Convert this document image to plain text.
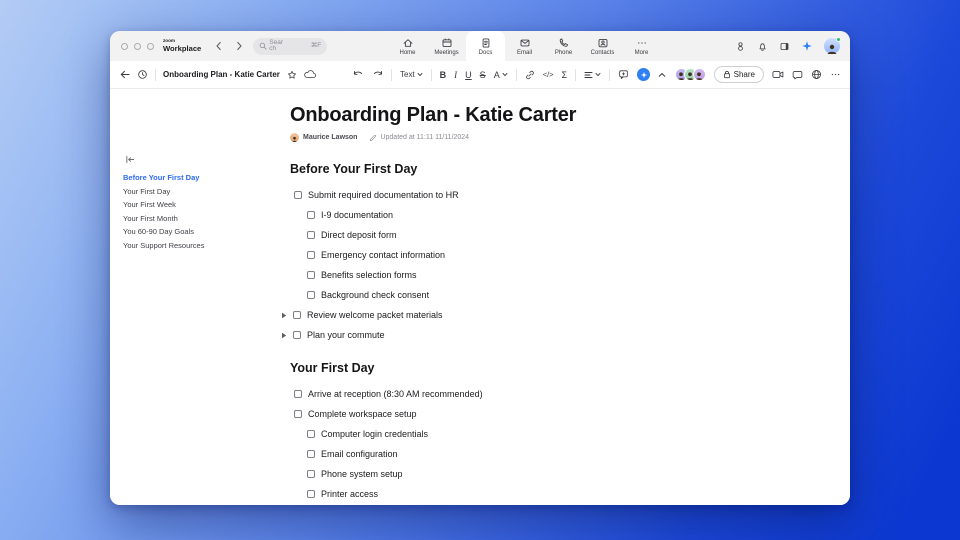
zoom
Workplace
Search
⌘F
Home	Meetings	Docs	Email	Phone	Contacts	More
Onboarding Plan - Katie Carter	Text	B I U S A	</> Σ	Share
Before Your First Day
Your First Day
Your First Week
Your First Month
You 60-90 Day Goals
Your Support Resources
Onboarding Plan - Katie Carter
Maurice Lawson	Updated at 11:11 11/11/2024
Before Your First Day
Submit required documentation to HR
I-9 documentation
Direct deposit form
Emergency contact information
Benefits selection forms
Background check consent
Review welcome packet materials
Plan your commute
Your First Day
Arrive at reception (8:30 AM recommended)
Complete workspace setup
Computer login credentials
Email configuration
Phone system setup
Printer access
